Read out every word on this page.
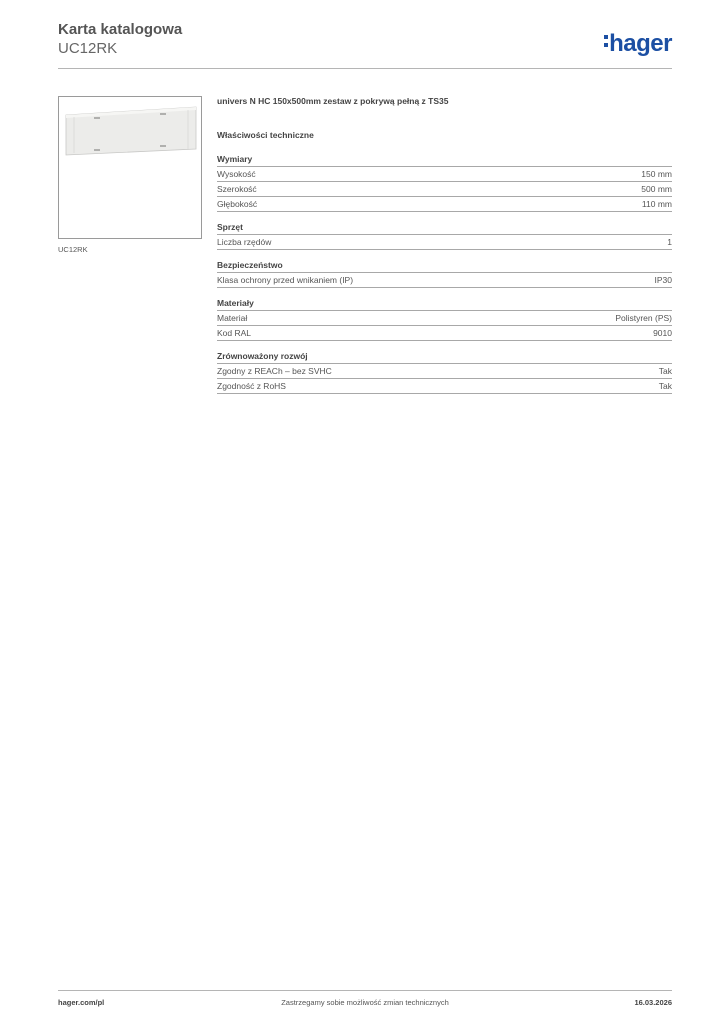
Karta katalogowa
UC12RK	hager
UC12RK
univers N HC 150x500mm zestaw z pokrywą pełną z TS35
Właściwości techniczne
Wymiary
Wysokość	150 mm
Szerokość	500 mm
Głębokość	110 mm
Sprzęt
Liczba rzędów	1
Bezpieczeństwo
Klasa ochrony przed wnikaniem (IP)	IP30
Materiały
Materiał	Polistyren (PS)
Kod RAL	9010
Zrównoważony rozwój
Zgodny z REACh – bez SVHC	Tak
Zgodność z RoHS	Tak
hager.com/pl	Zastrzegamy sobie możliwość zmian technicznych	16.03.2026
